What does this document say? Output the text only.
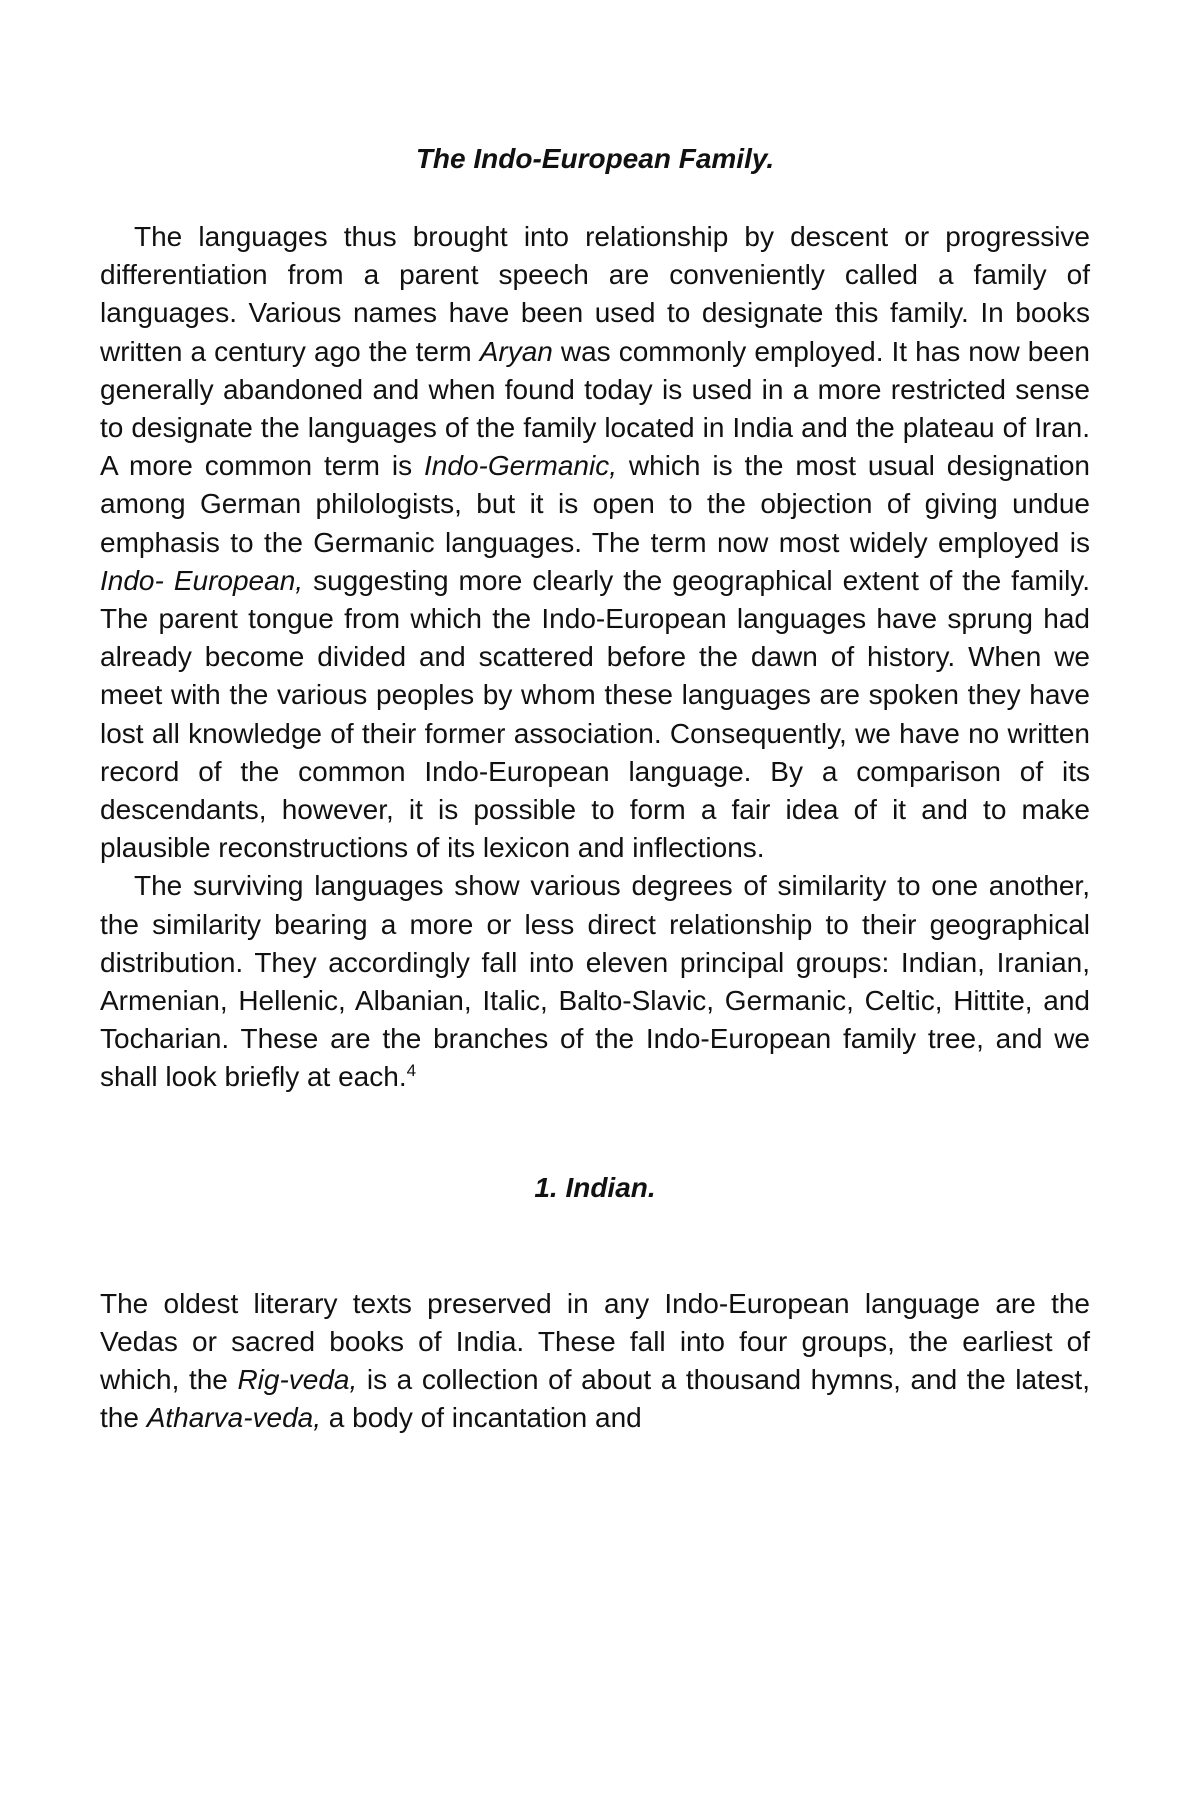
The Indo-European Family.

The languages thus brought into relationship by descent or progressive differentiation from a parent speech are conveniently called a family of languages. Various names have been used to designate this family. In books written a century ago the term Aryan was commonly employed. It has now been generally abandoned and when found today is used in a more restricted sense to designate the languages of the family located in India and the plateau of Iran. A more common term is Indo-Germanic, which is the most usual designation among German philologists, but it is open to the objection of giving undue emphasis to the Germanic languages. The term now most widely employed is Indo- European, suggesting more clearly the geographical extent of the family. The parent tongue from which the Indo-European languages have sprung had already become divided and scattered before the dawn of history. When we meet with the various peoples by whom these languages are spoken they have lost all knowledge of their former association. Consequently, we have no written record of the common Indo-European language. By a comparison of its descendants, however, it is possible to form a fair idea of it and to make plausible reconstructions of its lexicon and inflections.

The surviving languages show various degrees of similarity to one another, the similarity bearing a more or less direct relationship to their geographical distribution. They accordingly fall into eleven principal groups: Indian, Iranian, Armenian, Hellenic, Albanian, Italic, Balto-Slavic, Germanic, Celtic, Hittite, and Tocharian. These are the branches of the Indo-European family tree, and we shall look briefly at each.$^4$

1. Indian.

The oldest literary texts preserved in any Indo-European language are the Vedas or sacred books of India. These fall into four groups, the earliest of which, the Rig-veda, is a collection of about a thousand hymns, and the latest, the Atharva-veda, a body of incantation and
